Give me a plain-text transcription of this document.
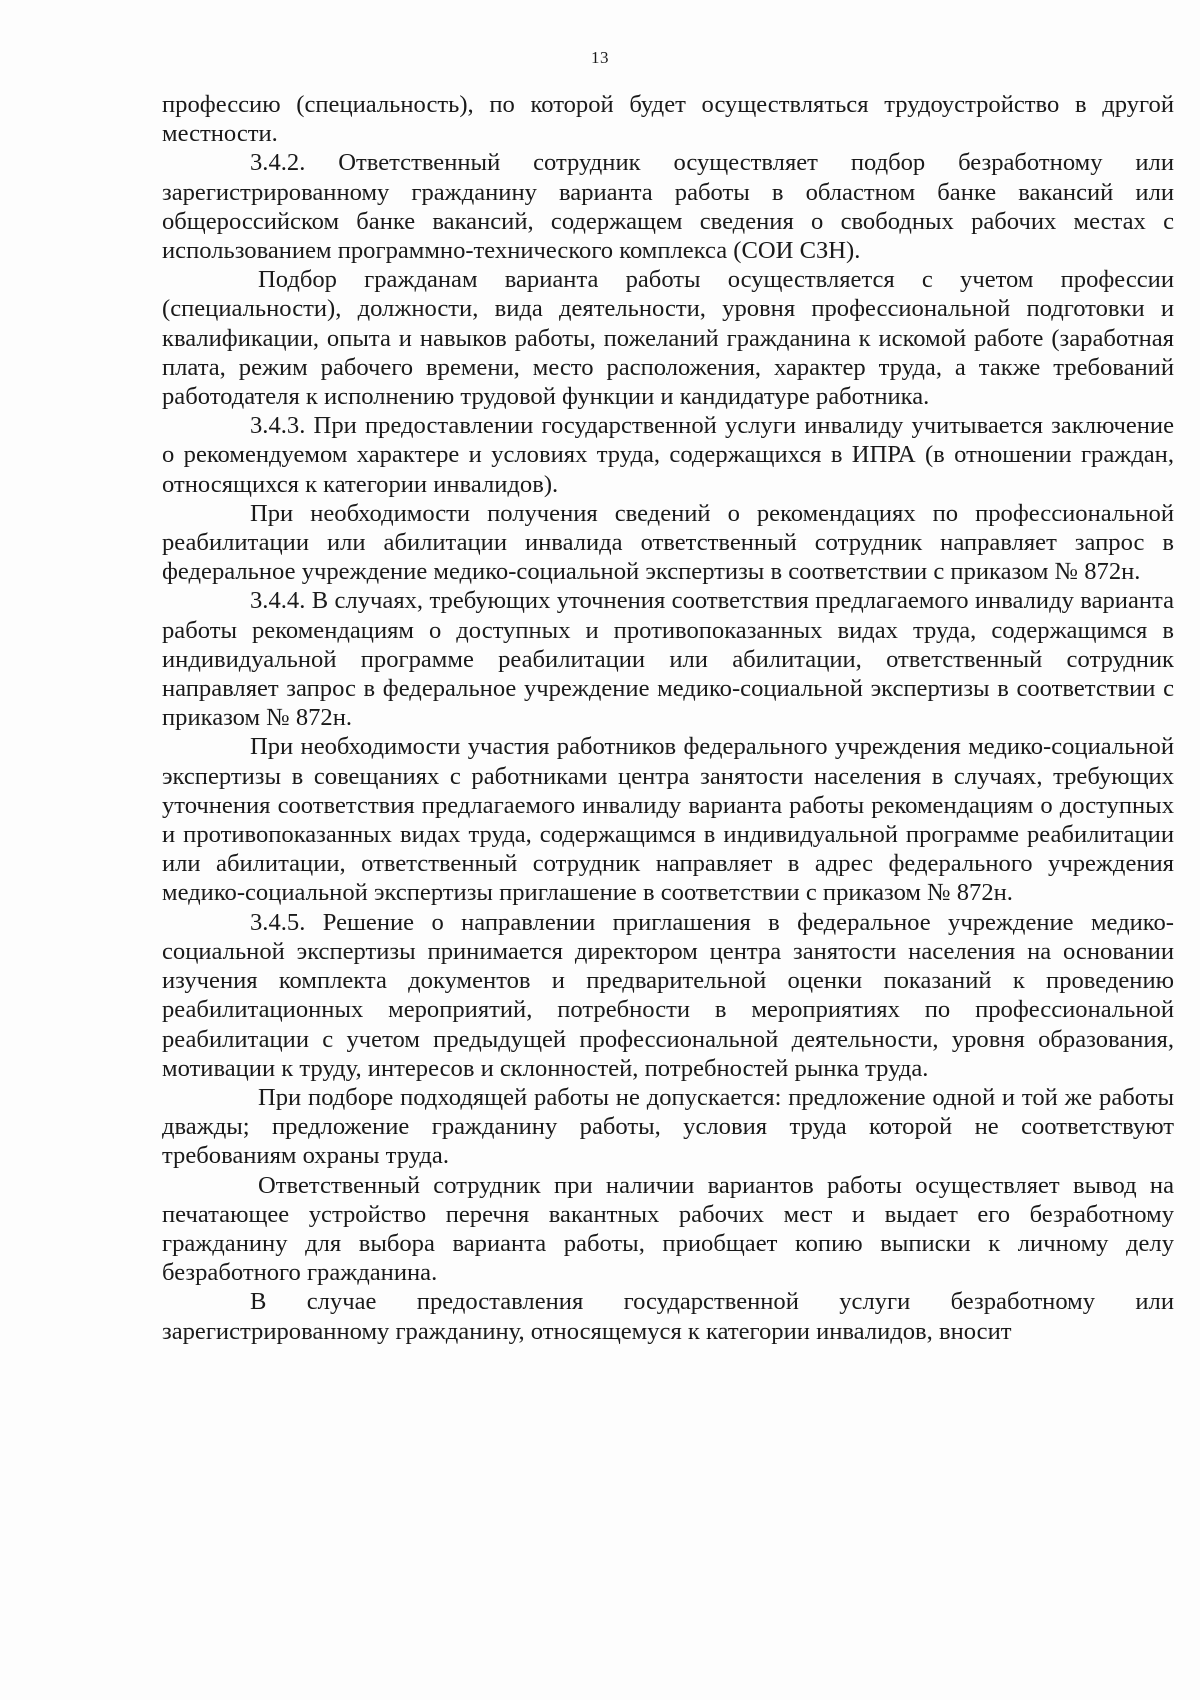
13

профессию (специальность), по которой будет осуществляться трудоустройство в другой местности.

3.4.2. Ответственный сотрудник осуществляет подбор безработному или зарегистрированному гражданину варианта работы в областном банке вакансий или общероссийском банке вакансий, содержащем сведения о свободных рабочих местах с использованием программно-технического комплекса (СОИ СЗН).

Подбор гражданам варианта работы осуществляется с учетом профессии (специальности), должности, вида деятельности, уровня профессиональной подготовки и квалификации, опыта и навыков работы, пожеланий гражданина к искомой работе (заработная плата, режим рабочего времени, место расположения, характер труда, а также требований работодателя к исполнению трудовой функции и кандидатуре работника.

3.4.3. При предоставлении государственной услуги инвалиду учитывается заключение о рекомендуемом характере и условиях труда, содержащихся в ИПРА (в отношении граждан, относящихся к категории инвалидов).

При необходимости получения сведений о рекомендациях по профессиональной реабилитации или абилитации инвалида ответственный сотрудник направляет запрос в федеральное учреждение медико-социальной экспертизы в соответствии с приказом № 872н.

3.4.4. В случаях, требующих уточнения соответствия предлагаемого инвалиду варианта работы рекомендациям о доступных и противопоказанных видах труда, содержащимся в индивидуальной программе реабилитации или абилитации, ответственный сотрудник направляет запрос в федеральное учреждение медико-социальной экспертизы в соответствии с приказом № 872н.

При необходимости участия работников федерального учреждения медико-социальной экспертизы в совещаниях с работниками центра занятости населения в случаях, требующих уточнения соответствия предлагаемого инвалиду варианта работы рекомендациям о доступных и противопоказанных видах труда, содержащимся в индивидуальной программе реабилитации или абилитации, ответственный сотрудник направляет в адрес федерального учреждения медико-социальной экспертизы приглашение в соответствии с приказом № 872н.

3.4.5. Решение о направлении приглашения в федеральное учреждение медико-социальной экспертизы принимается директором центра занятости населения на основании изучения комплекта документов и предварительной оценки показаний к проведению реабилитационных мероприятий, потребности в мероприятиях по профессиональной реабилитации с учетом предыдущей профессиональной деятельности, уровня образования, мотивации к труду, интересов и склонностей, потребностей рынка труда.

При подборе подходящей работы не допускается: предложение одной и той же работы дважды; предложение гражданину работы, условия труда которой не соответствуют требованиям охраны труда.

Ответственный сотрудник при наличии вариантов работы осуществляет вывод на печатающее устройство перечня вакантных рабочих мест и выдает его безработному гражданину для выбора варианта работы, приобщает копию выписки к личному делу безработного гражданина.

В случае предоставления государственной услуги безработному или зарегистрированному гражданину, относящемуся к категории инвалидов, вносит
